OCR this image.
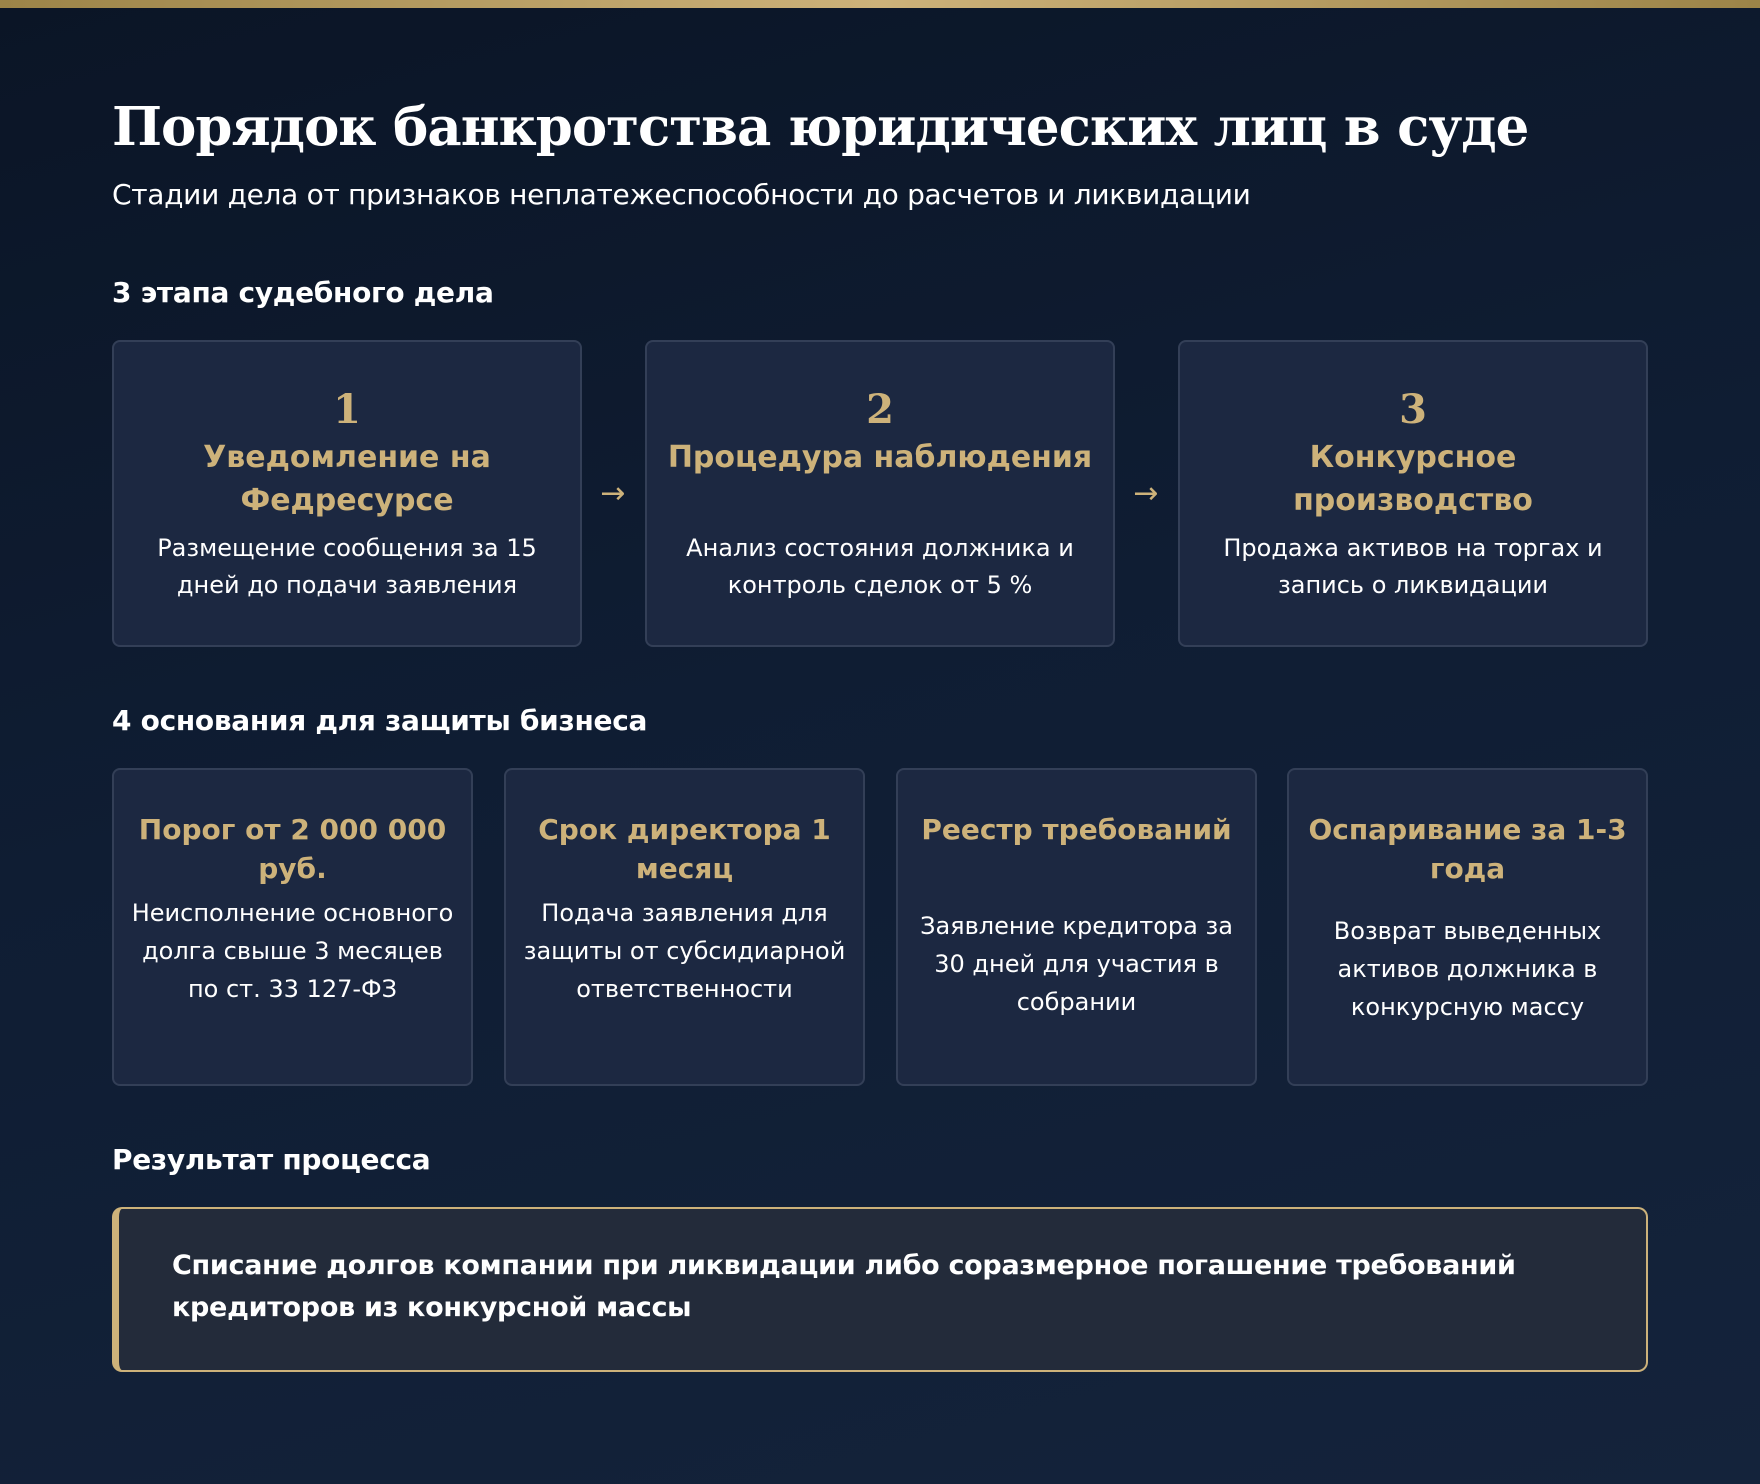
Порядок банкротства юридических лиц в суде
Стадии дела от признаков неплатежеспособности до расчетов и ликвидации
3 этапа судебного дела
1
Уведомление на Федресурсе
Размещение сообщения за 15 дней до подачи заявления
→
2
Процедура наблюдения
Анализ состояния должника и контроль сделок от 5 %
→
3
Конкурсное производство
Продажа активов на торгах и запись о ликвидации
4 основания для защиты бизнеса
Порог от 2 000 000 руб.
Неисполнение основного долга свыше 3 месяцев по ст. 33 127-ФЗ
Срок директора 1 месяц
Подача заявления для защиты от субсидиарной ответственности
Реестр требований
Заявление кредитора за 30 дней для участия в собрании
Оспаривание за 1-3 года
Возврат выведенных активов должника в конкурсную массу
Результат процесса
Списание долгов компании при ликвидации либо соразмерное погашение требований кредиторов из конкурсной массы
